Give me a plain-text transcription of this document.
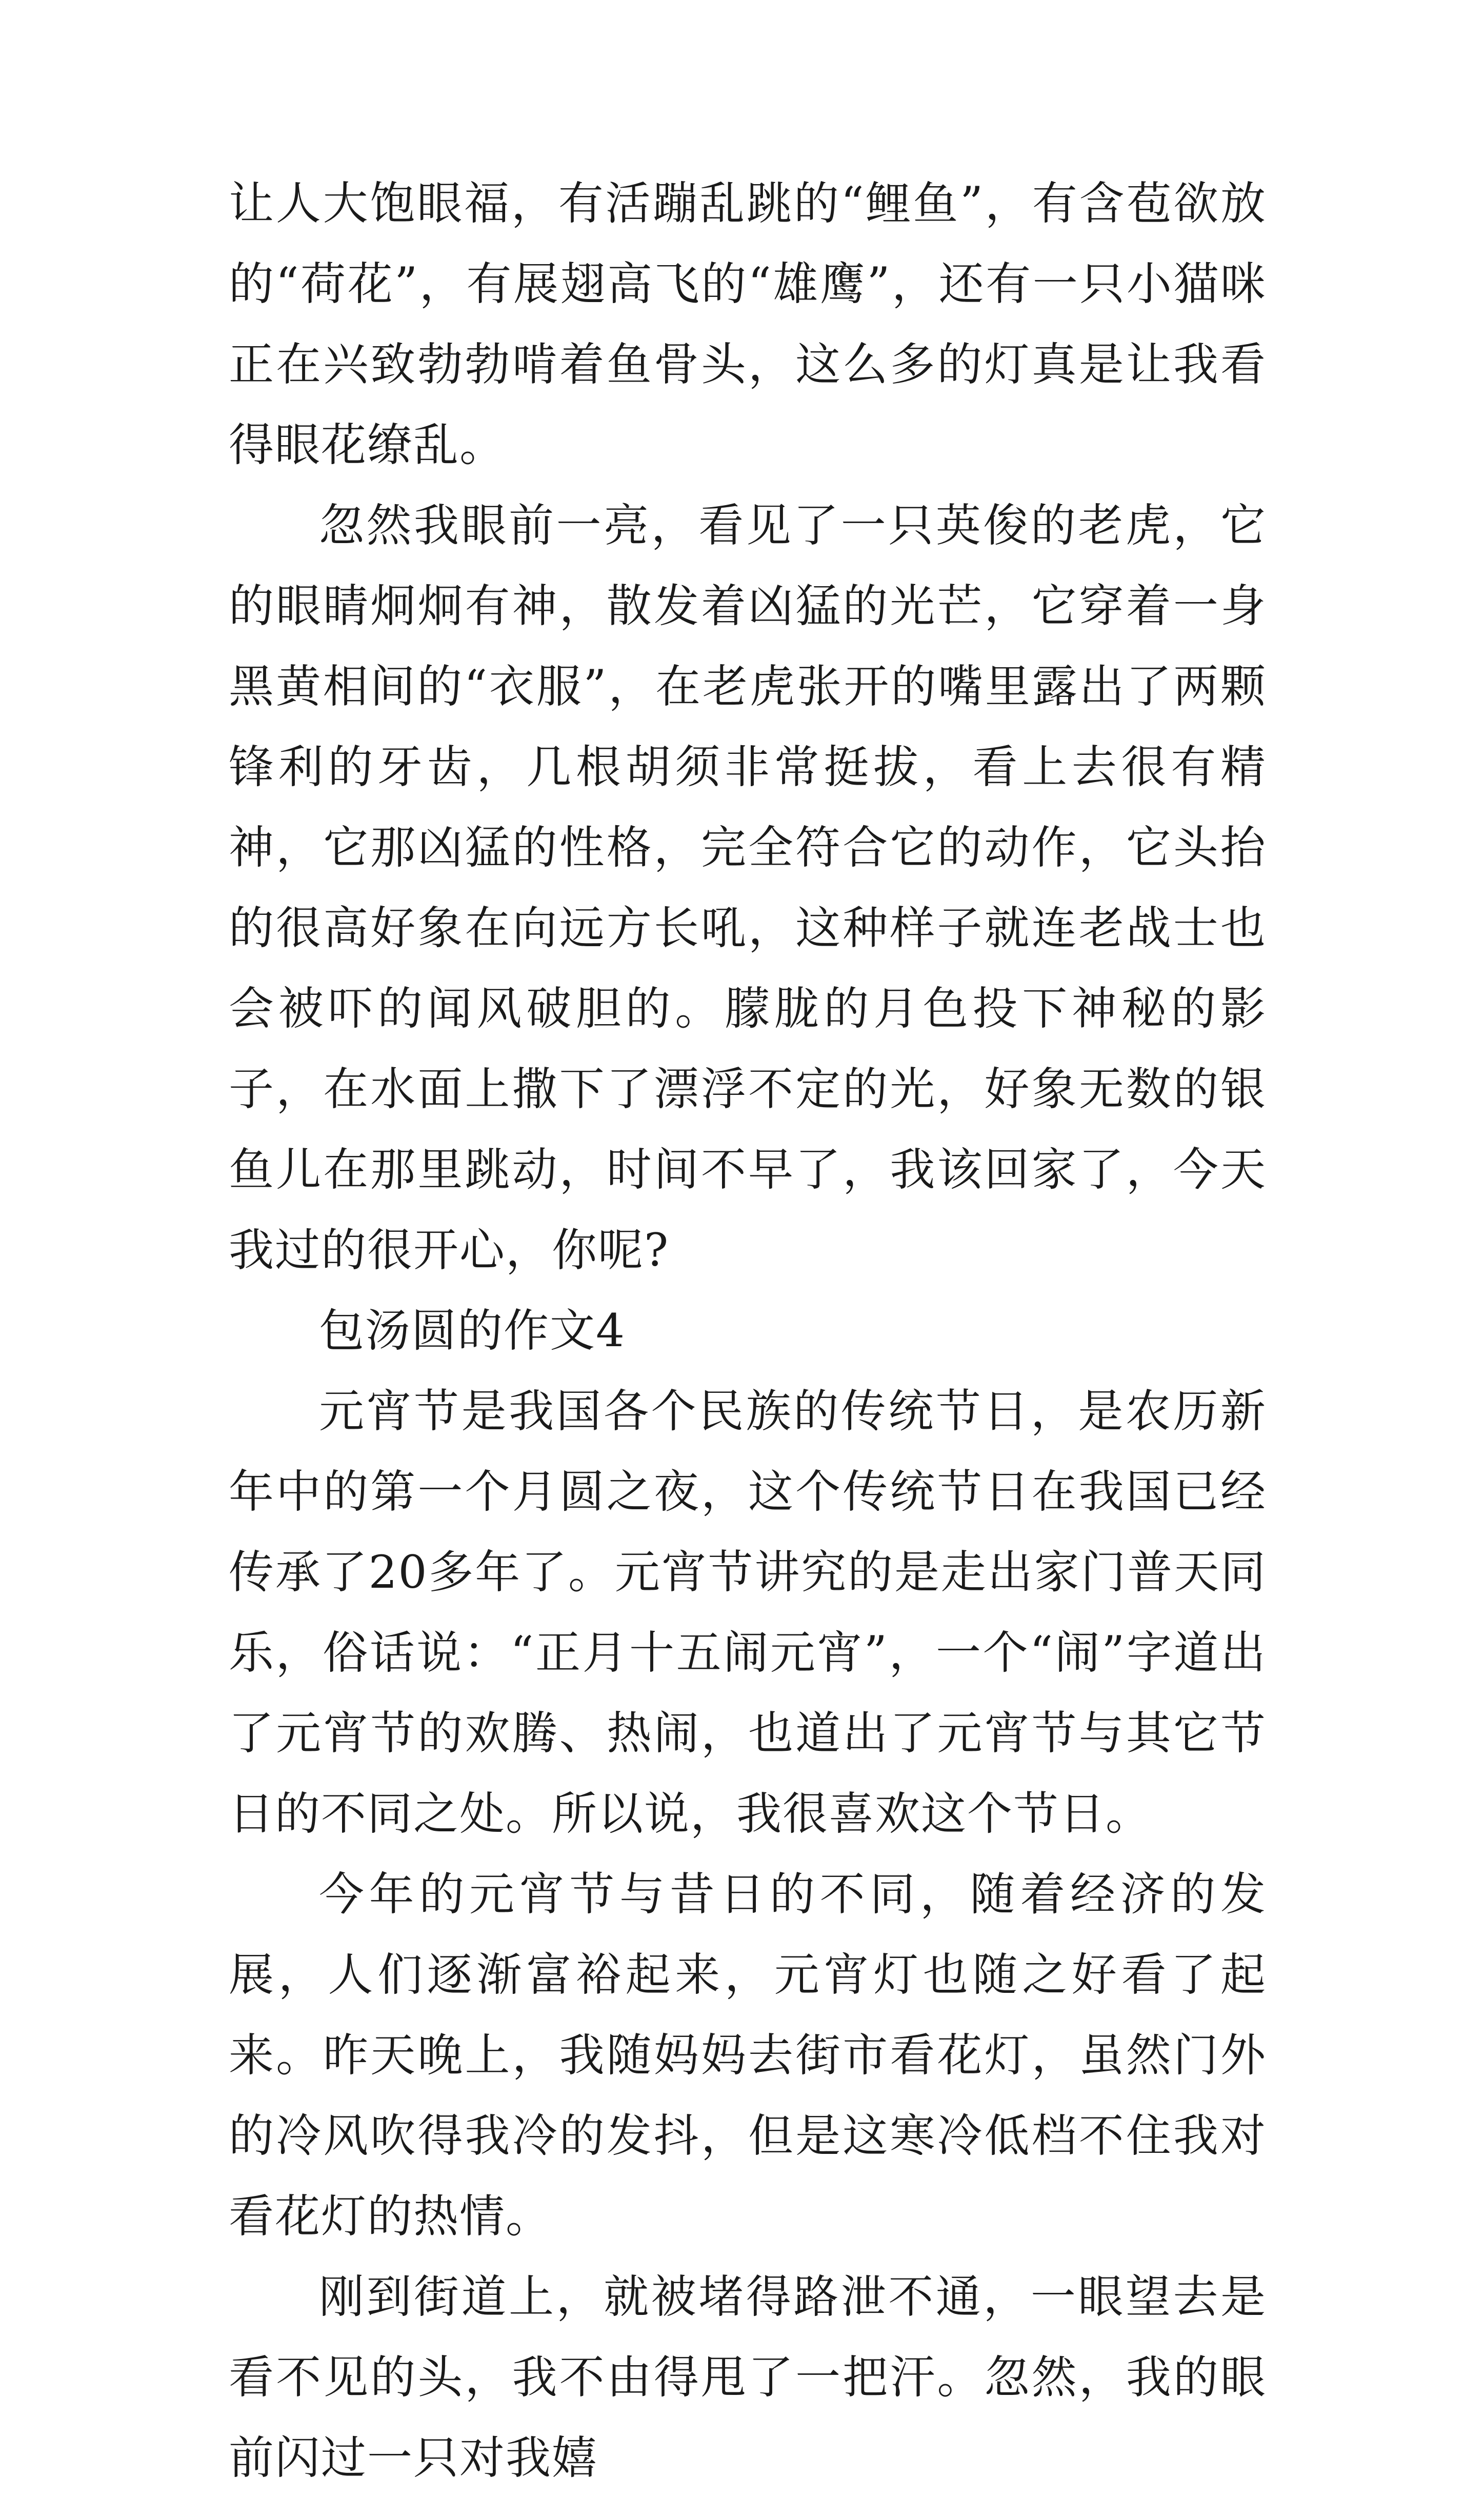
让人大饱眼福，有活蹦乱跳的“鲤鱼”，有含苞欲放的“荷花”，有展翅高飞的“雄鹰”，还有一只小猫咪正在兴致勃勃啃着鱼骨头，这么多的灯真是让我看得眼花缭乱。

忽然我眼前一亮，看见了一只英俊的老虎，它的眼睛炯炯有神，散发着凶猛的光芒，它穿着一身黑黄相间的“衣服”，在老虎张开的嘴里露出了两颗锋利的牙齿，几根胡须非常挺拔，看上去很有精神，它那凶猛的性格，完全符合它的动作，它头抬的很高好象在向远方长吼，这种样子就连老战士也会被吓的闻风破胆的。朦胧的月色投下神秘的影子，在水面上撒下了漂浮不定的光，好象无数的银鱼儿在那里跳动，时间不早了，我该回家了，今天我过的很开心，你呢?

包汤圆的作文4

元宵节是我国各个民族的传统节日，是农历新年中的第一个月圆之夜，这个传统节日在我国已经传承了20多年了。元宵节讲究的是走出家门普天同乐，俗话说：“正月十五闹元宵”，一个“闹”字道出了元宵节的欢腾、热闹，也道出了元宵节与其它节日的不同之处。所以说，我很喜欢这个节日。

今年的元宵节与昔日的不同，随着经济的发展，人们逐渐富裕起来，元宵灯也随之好看了起来。昨天晚上，我随妈妈去街市看花灯，虽然门外的冷风吹得我冷的发抖，但是这寒冷低档不住我对看花灯的热情。

刚到街道上，就被堵得路泄不通，一眼望去是看不见的头，我不由得甩了一把汗。忽然，我的眼前闪过一只对我嬉
